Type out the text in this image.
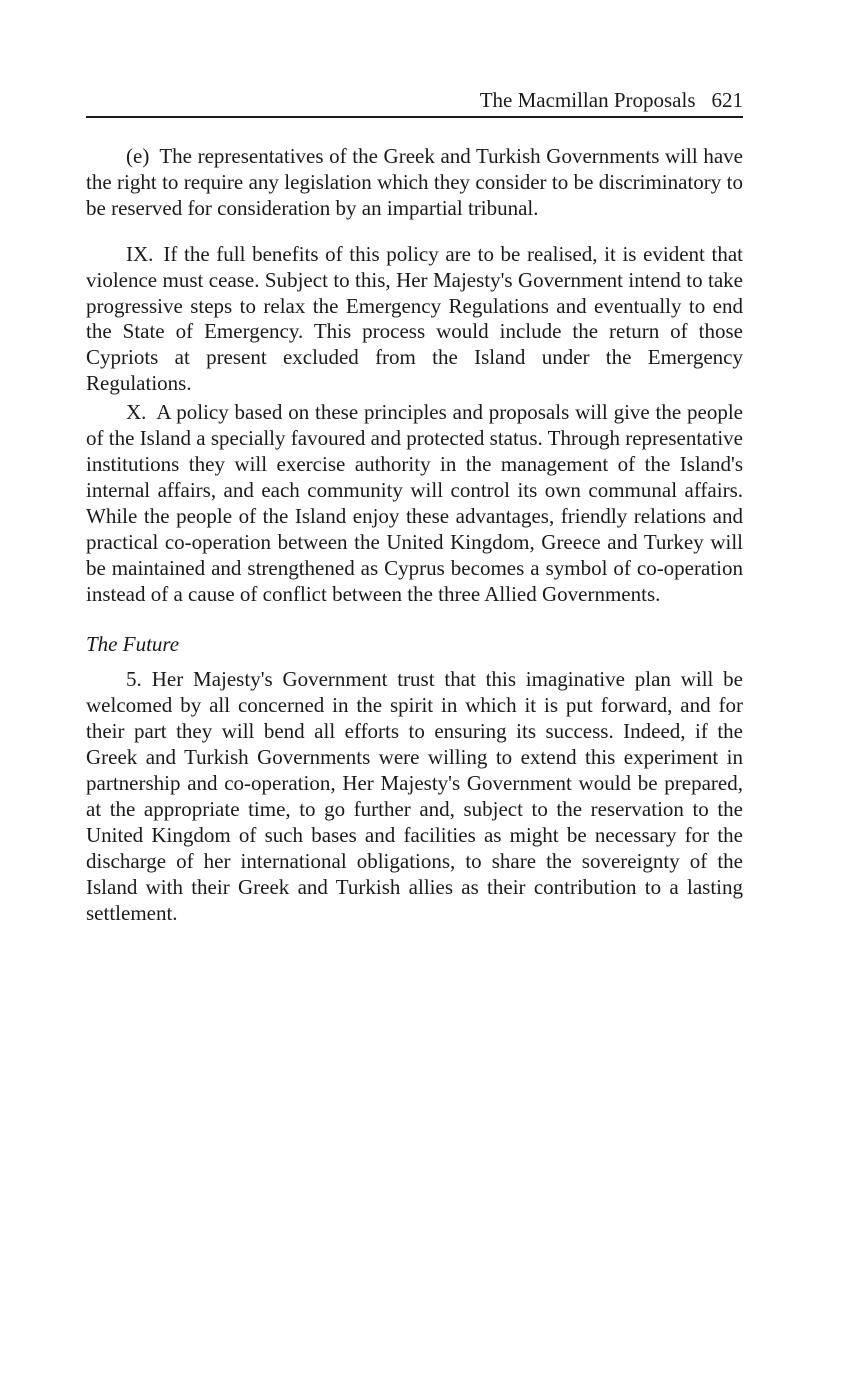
The Macmillan Proposals 621

(e) The representatives of the Greek and Turkish Governments will have the right to require any legislation which they consider to be discriminatory to be reserved for consideration by an impartial tribunal.

IX. If the full benefits of this policy are to be realised, it is evident that violence must cease. Subject to this, Her Majesty's Government intend to take progressive steps to relax the Emergency Regulations and eventually to end the State of Emergency. This process would include the return of those Cypriots at present excluded from the Island under the Emergency Regulations.

X. A policy based on these principles and proposals will give the people of the Island a specially favoured and protected status. Through representative institutions they will exercise authority in the management of the Island's internal affairs, and each community will control its own communal affairs. While the people of the Island enjoy these advantages, friendly relations and practical co-operation between the United Kingdom, Greece and Turkey will be maintained and strengthened as Cyprus becomes a symbol of co-operation instead of a cause of conflict between the three Allied Governments.

The Future

5. Her Majesty's Government trust that this imaginative plan will be welcomed by all concerned in the spirit in which it is put forward, and for their part they will bend all efforts to ensuring its success. Indeed, if the Greek and Turkish Governments were willing to extend this experiment in partnership and co-operation, Her Majesty's Government would be prepared, at the appropriate time, to go further and, subject to the reservation to the United Kingdom of such bases and facilities as might be necessary for the discharge of her international obligations, to share the sovereignty of the Island with their Greek and Turkish allies as their contribution to a lasting settlement.
